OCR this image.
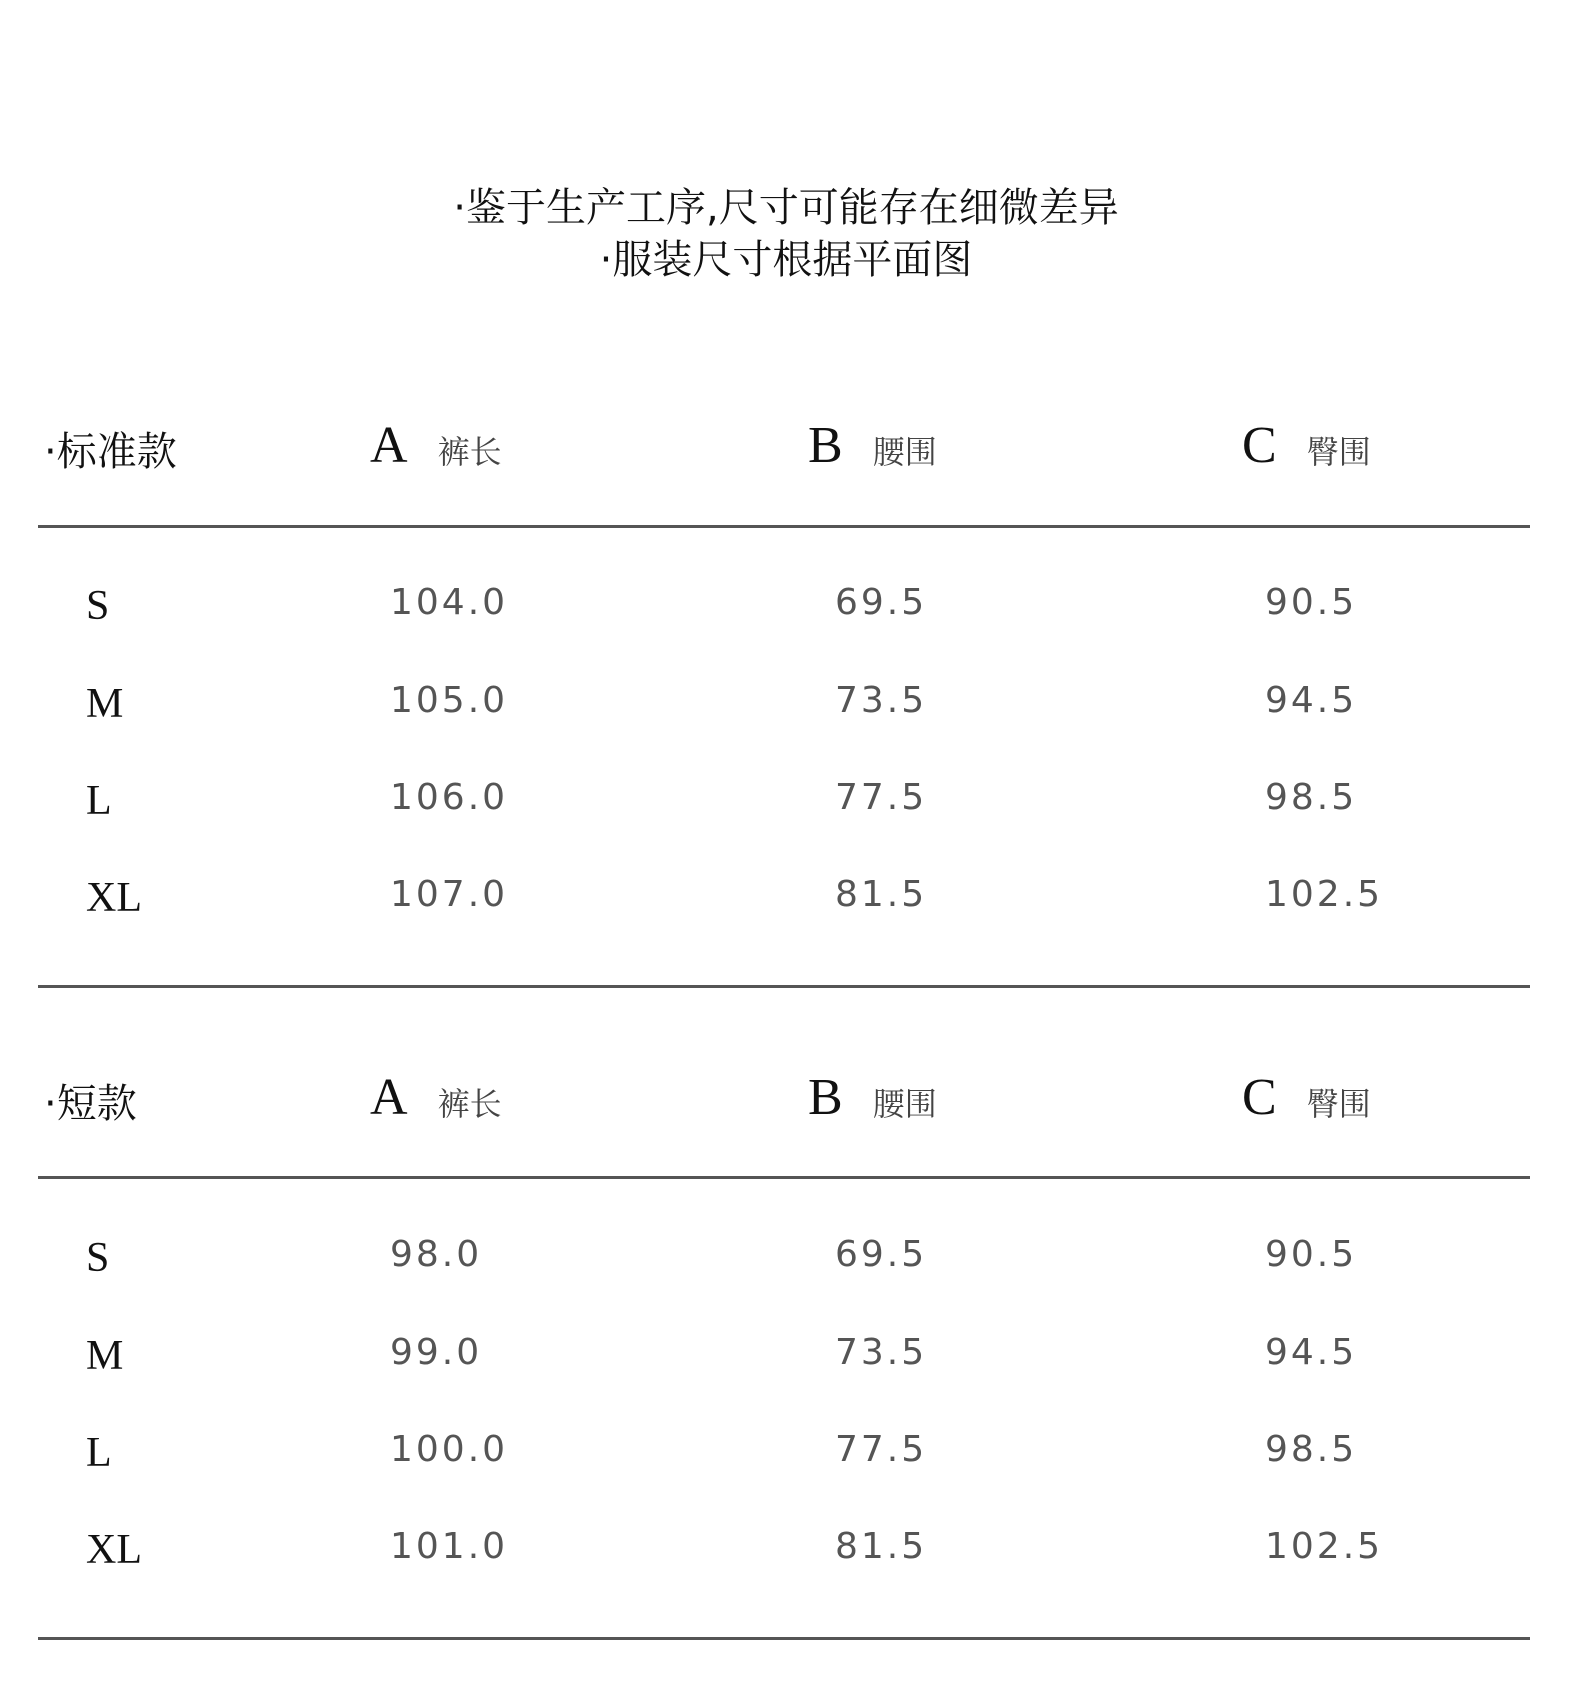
·鉴于生产工序,尺寸可能存在细微差异
·服装尺寸根据平面图
·标准款	A 裤长	B 腰围	C 臀围
S	104.0	69.5	90.5
M	105.0	73.5	94.5
L	106.0	77.5	98.5
XL	107.0	81.5	102.5
·短款	A 裤长	B 腰围	C 臀围
S	98.0	69.5	90.5
M	99.0	73.5	94.5
L	100.0	77.5	98.5
XL	101.0	81.5	102.5
